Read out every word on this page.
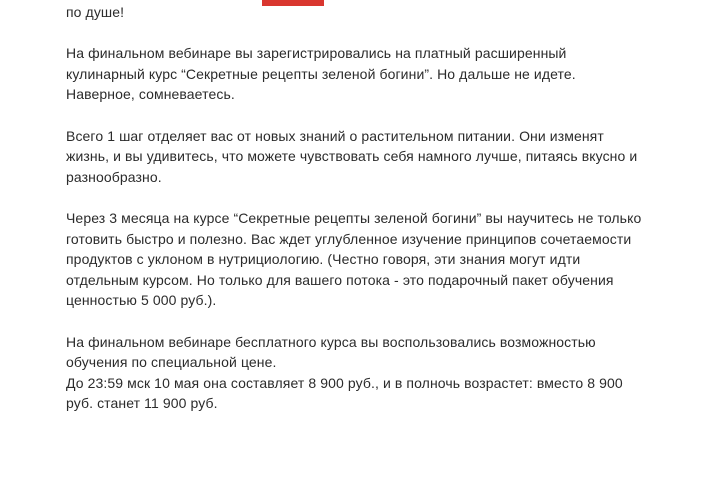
по душе!

На финальном вебинаре вы зарегистрировались на платный расширенный
кулинарный курс “Секретные рецепты зеленой богини”. Но дальше не идете.
Наверное, сомневаетесь.

Всего 1 шаг отделяет вас от новых знаний о растительном питании. Они изменят
жизнь, и вы удивитесь, что можете чувствовать себя намного лучше, питаясь вкусно и
разнообразно.

Через 3 месяца на курсе “Секретные рецепты зеленой богини” вы научитесь не только
готовить быстро и полезно. Вас ждет углубленное изучение принципов сочетаемости
продуктов с уклоном в нутрициологию. (Честно говоря, эти знания могут идти
отдельным курсом. Но только для вашего потока - это подарочный пакет обучения
ценностью 5 000 руб.).

На финальном вебинаре бесплатного курса вы воспользовались возможностью
обучения по специальной цене.
До 23:59 мск 10 мая она составляет 8 900 руб., и в полночь возрастет: вместо 8 900
руб. станет 11 900 руб.
